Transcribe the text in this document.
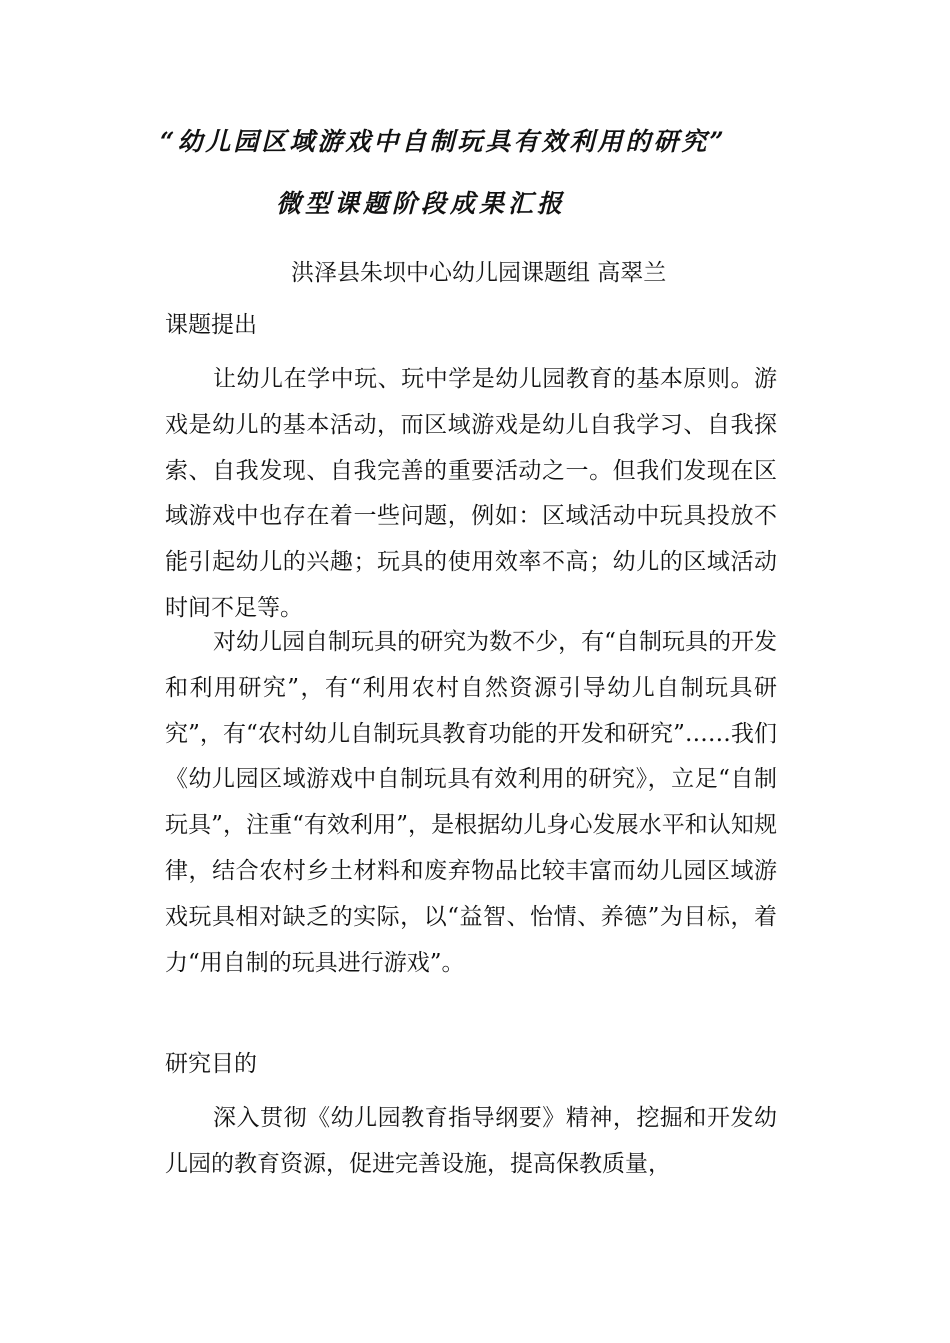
“幼儿园区域游戏中自制玩具有效利用的研究”
微型课题阶段成果汇报
洪泽县朱坝中心幼儿园课题组 高翠兰
课题提出

让幼儿在学中玩、玩中学是幼儿园教育的基本原则。游戏是幼儿的基本活动，而区域游戏是幼儿自我学习、自我探索、自我发现、自我完善的重要活动之一。但我们发现在区域游戏中也存在着一些问题，例如：区域活动中玩具投放不能引起幼儿的兴趣；玩具的使用效率不高；幼儿的区域活动时间不足等。

对幼儿园自制玩具的研究为数不少，有“自制玩具的开发和利用研究”，有“利用农村自然资源引导幼儿自制玩具研究”，有“农村幼儿自制玩具教育功能的开发和研究”……我们《幼儿园区域游戏中自制玩具有效利用的研究》，立足“自制玩具”，注重“有效利用”，是根据幼儿身心发展水平和认知规律，结合农村乡土材料和废弃物品比较丰富而幼儿园区域游戏玩具相对缺乏的实际，以“益智、怡情、养德”为目标，着力“用自制的玩具进行游戏”。

研究目的

深入贯彻《幼儿园教育指导纲要》精神，挖掘和开发幼儿园的教育资源，促进完善设施，提高保教质量，
